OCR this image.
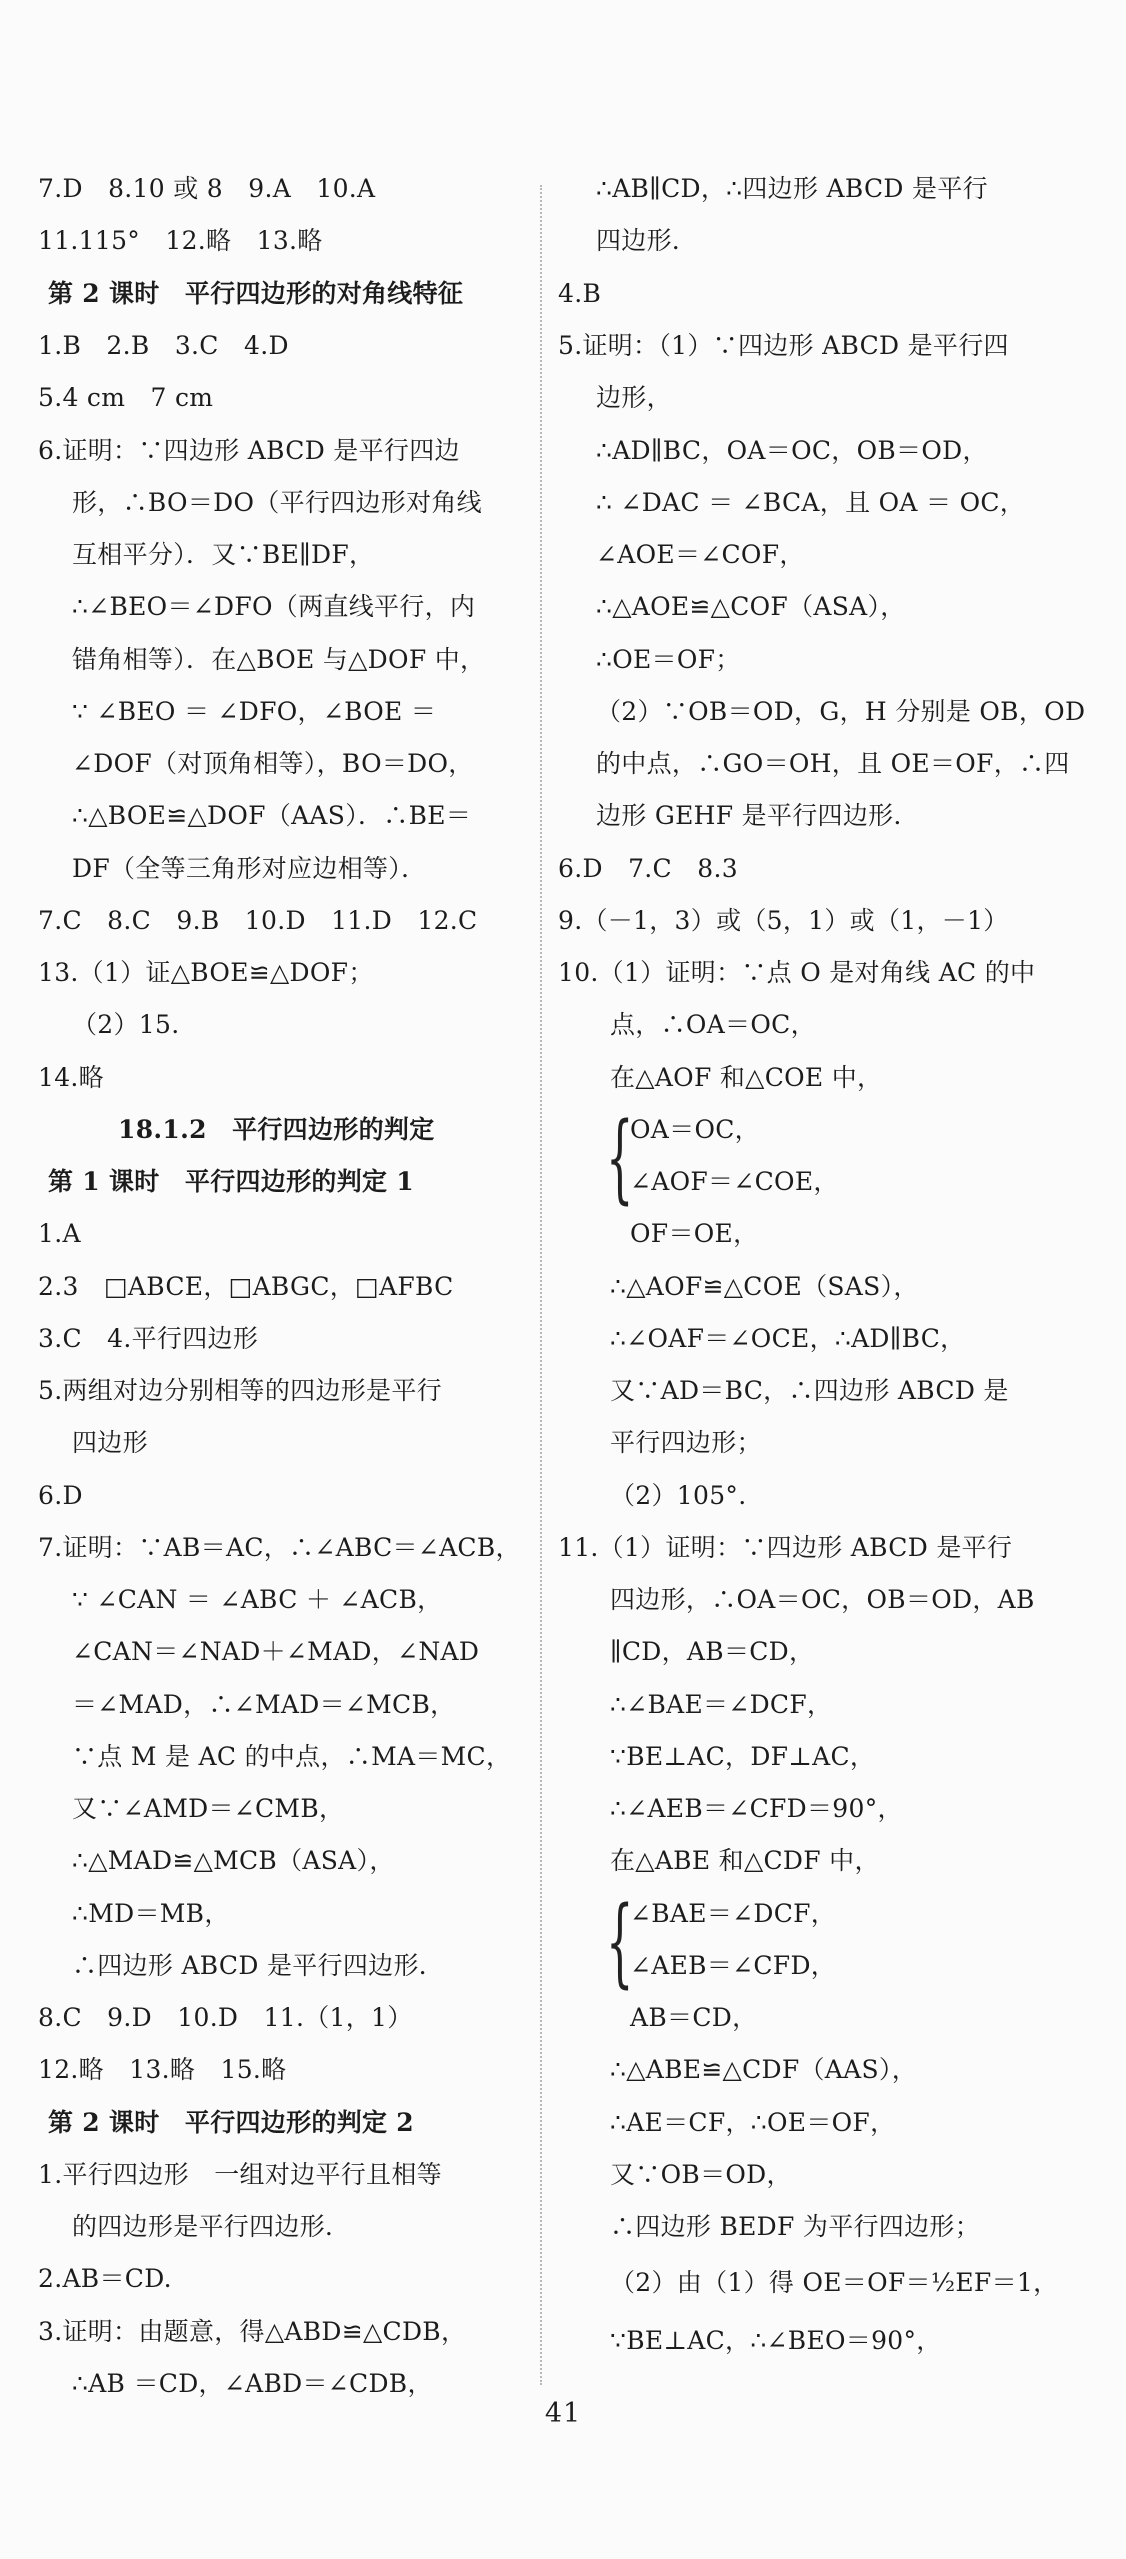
7.D　8.10 或 8　9.A　10.A
11.115°　12.略　13.略
第 2 课时　平行四边形的对角线特征
1.B　2.B　3.C　4.D
5.4 cm　7 cm
6.证明：∵四边形 ABCD 是平行四边
形，∴BO＝DO（平行四边形对角线
互相平分）．又∵BE∥DF，
∴∠BEO＝∠DFO（两直线平行，内
错角相等）．在△BOE 与△DOF 中，
∵ ∠BEO ＝ ∠DFO，∠BOE ＝
∠DOF（对顶角相等），BO＝DO，
∴△BOE≌△DOF（AAS）．∴BE＝
DF（全等三角形对应边相等）．
7.C　8.C　9.B　10.D　11.D　12.C
13.（1）证△BOE≌△DOF；
（2）15.
14.略
18.1.2　平行四边形的判定
第 1 课时　平行四边形的判定 1
1.A
2.3　□ABCE，□ABGC，□AFBC
3.C　4.平行四边形
5.两组对边分别相等的四边形是平行
四边形
6.D
7.证明：∵AB＝AC，∴∠ABC＝∠ACB，
∵ ∠CAN ＝ ∠ABC ＋ ∠ACB，
∠CAN＝∠NAD＋∠MAD，∠NAD
＝∠MAD，∴∠MAD＝∠MCB，
∵点 M 是 AC 的中点，∴MA＝MC，
又∵∠AMD＝∠CMB，
∴△MAD≌△MCB（ASA），
∴MD＝MB，
∴四边形 ABCD 是平行四边形．
8.C　9.D　10.D　11.（1，1）
12.略　13.略　15.略
第 2 课时　平行四边形的判定 2
1.平行四边形　一组对边平行且相等
的四边形是平行四边形．
2.AB＝CD.
3.证明：由题意，得△ABD≌△CDB，
∴AB ＝CD，∠ABD＝∠CDB，
∴AB∥CD，∴四边形 ABCD 是平行
四边形．
4.B
5.证明：（1）∵四边形 ABCD 是平行四
边形，
∴AD∥BC，OA＝OC，OB＝OD，
∴ ∠DAC ＝ ∠BCA，且 OA ＝ OC，
∠AOE＝∠COF，
∴△AOE≌△COF（ASA），
∴OE＝OF；
（2）∵OB＝OD，G，H 分别是 OB，OD
的中点，∴GO＝OH，且 OE＝OF，∴四
边形 GEHF 是平行四边形．
6.D　7.C　8.3
9.（－1，3）或（5，1）或（1，－1）
10.（1）证明：∵点 O 是对角线 AC 的中
点，∴OA＝OC，
在△AOF 和△COE 中，
{
OA＝OC，
∠AOF＝∠COE，
OF＝OE，
∴△AOF≌△COE（SAS），
∴∠OAF＝∠OCE，∴AD∥BC，
又∵AD＝BC，∴四边形 ABCD 是
平行四边形；
（2）105°.
11.（1）证明：∵四边形 ABCD 是平行
四边形，∴OA＝OC，OB＝OD，AB
∥CD，AB＝CD，
∴∠BAE＝∠DCF，
∵BE⊥AC，DF⊥AC，
∴∠AEB＝∠CFD＝90°，
在△ABE 和△CDF 中，
{
∠BAE＝∠DCF，
∠AEB＝∠CFD，
AB＝CD，
∴△ABE≌△CDF（AAS），
∴AE＝CF，∴OE＝OF，
又∵OB＝OD，
∴四边形 BEDF 为平行四边形；
（2）由（1）得 OE＝OF＝½EF＝1，
∵BE⊥AC，∴∠BEO＝90°，
41
